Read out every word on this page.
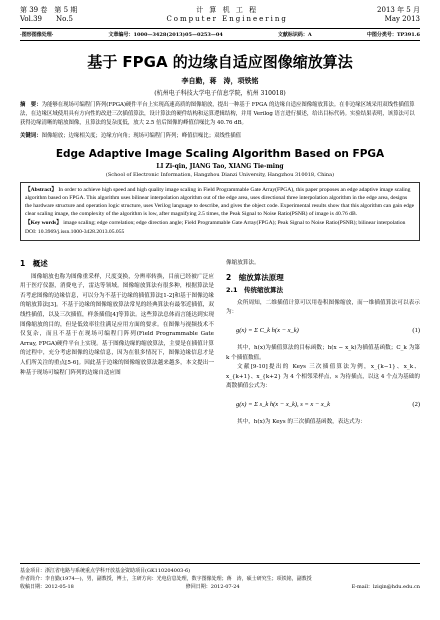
第 39 卷　第 5 期
Vol.39　　No.5
计 算 机 工 程
Computer Engineering
2013 年 5 月
May 2013
·图形图像处理·	文章编号：1000—3428(2013)05—0253—04	文献标识码：A	中图分类号：TP391.6
基于 FPGA 的边缘自适应图像缩放算法
李自勤，蒋　涛，项铁铭
(杭州电子科技大学电子信息学院，杭州 310018)
摘　要：为能够在现场可编程门阵列(FPGA)硬件平台上实现高速高质的图像缩放，提出一种基于 FPGA 的边缘自适应图像缩放算法。在非边缘区域采用双线性插值算法，在边缘区域使用具有方向性的改进三次插值算法，设计算法的硬件结构和运算逻辑结构，并用 Verilog 语言进行描述，给出目标代码。实验结果表明，该算法可以获得边缘清晰的缩放图像，且算法的复杂度低，放大 2.5 倍后图像的峰值信噪比为 40.76 dB。
关键词：图像缩放；边缘相关度；边缘方向角；现场可编程门阵列；峰值信噪比；双线性插值
Edge Adaptive Image Scaling Algorithm Based on FPGA
LI Zi-qin, JIANG Tao, XIANG Tie-ming
(School of Electronic Information, Hangzhou Dianzi University, Hangzhou 310018, China)

【Abstract】 In order to achieve high speed and high quality image scaling in Field Programmable Gate Array(FPGA), this paper proposes an edge adaptive image scaling algorithm based on FPGA. This algorithm uses bilinear interpolation algorithm out of the edge area, uses directional three interpolation algorithm in the edge area, designs the hardware structure and operation logic structure, uses Verilog language to describe, and gives the object code. Experimental results show that this algorithm can gain edge clear scaling image, the complexity of the algorithm is low, after magnifying 2.5 times, the Peak Signal to Noise Ratio(PSNR) of image is 40.76 dB.

【Key words】 image scaling; edge correlation; edge direction angle; Field Programmable Gate Array(FPGA); Peak Signal to Noise Ratio(PSNR); bilinear interpolation

DOI: 10.3969/j.issn.1000-3428.2013.05.055

1　概述

图像缩放也称为图像重采样，尺度变换，分辨率转换，目前已经被广泛应用于医疗仪器，消费电子，雷达等领域。图像缩放算法有很多种，根据算法是否考虑图像的边缘信息，可以分为不基于边缘的插值算法[1-2]和基于图像边缘的缩放算法[3]。不基于边缘的图像缩放算法常见的经典算法有最邻近插值，双线性插值，以及三次插值，样条插值[4]等算法。这些算法总体而言能达到实现图像缩放的目的，但是低效率往往满足应用方面的要求。在图像与视频技术不仅复杂，而且不基于在现场可编程门阵列(Field Programmable Gate Array, FPGA)硬件平台上实现。基于图像边缘的缩放算法，主要是在插值计算的过程中，充分考虑图像的边缘信息，因为在很多情况下，图像边缘信息才是人们所关注的重点[5-6]。因此基于边缘的图像缩放算法越来越多，本文提出一种基于现场可编程门阵列的边缘自适应图

像缩放算法。

2　缩放算法原理
2.1　传统缩放算法

众所周知，二维插值计算可以用卷积图像缩放，而一维插值算法可以表示为：

g(x) = Σ C_k h(x − x_k)	(1)

其中，h(x)为插值算法的目标函数；h(x − x_k)为插值基函数；C_k 为第 k 个插值数值。

文献[9-10]提出的 Keys 三次插值算法为例，x_{k−1}、x_k、x_{k+1}、x_{k+2} 为 4 个相邻采样点，s 为待插点，以这 4 个点为基础的离散插值公式为：

g(x) = Σ s_k h(x − x_k), s = x − x_k	(2)

其中，h(x)为 Keys 的三次插值基函数，表达式为：

基金项目：浙江省电路与系统重点学科开放基金资助项目(GK110204003-6)
作者简介：李自勤(1974—)，男，副教授，博士，主研方向：光电信息处理，数字图像处理；蒋　涛，硕士研究生；项铁铭，副教授
收稿日期：2012-05-18	修回日期：2012-07-24	E-mail：lziqin@hdu.edu.cn
